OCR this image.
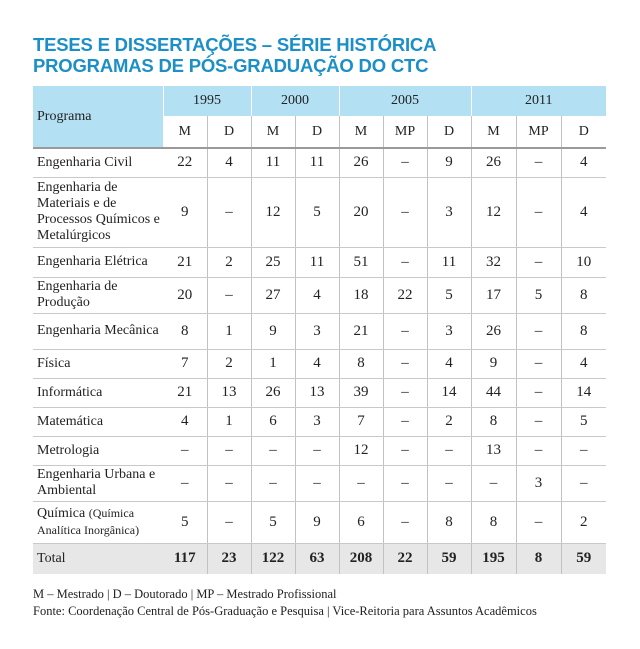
TESES E DISSERTAÇÕES – SÉRIE HISTÓRICA
PROGRAMAS DE PÓS-GRADUAÇÃO DO CTC
Programa	1995		2000		2005			2011		
	M	D	M	D	M	MP	D	M	MP	D
Engenharia Civil	22	4	11	11	26	–	9	26	–	4
Engenharia de Materiais e de Processos Químicos e Metalúrgicos	9	–	12	5	20	–	3	12	–	4
Engenharia Elétrica	21	2	25	11	51	–	11	32	–	10
Engenharia de Produção	20	–	27	4	18	22	5	17	5	8
Engenharia Mecânica	8	1	9	3	21	–	3	26	–	8
Física	7	2	1	4	8	–	4	9	–	4
Informática	21	13	26	13	39	–	14	44	–	14
Matemática	4	1	6	3	7	–	2	8	–	5
Metrologia	–	–	–	–	12	–	–	13	–	–
Engenharia Urbana e Ambiental	–	–	–	–	–	–	–	–	3	–
Química (Química Analítica Inorgânica)	5	–	5	9	6	–	8	8	–	2
Total	117	23	122	63	208	22	59	195	8	59
M – Mestrado | D – Doutorado | MP – Mestrado Profissional
Fonte: Coordenação Central de Pós-Graduação e Pesquisa | Vice-Reitoria para Assuntos Acadêmicos
